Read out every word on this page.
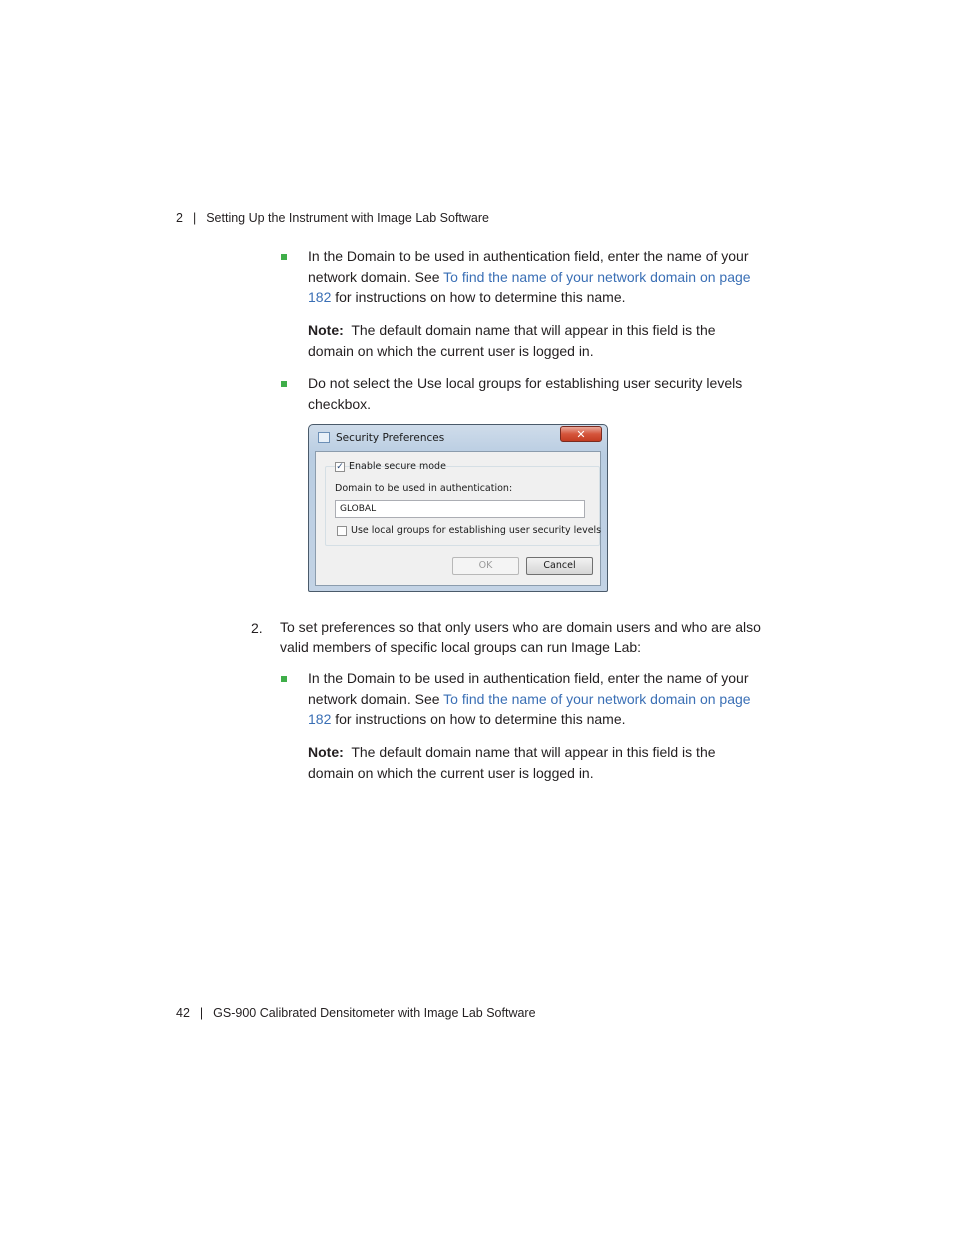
2 | Setting Up the Instrument with Image Lab Software
In the Domain to be used in authentication field, enter the name of your network domain. See To find the name of your network domain on page 182 for instructions on how to determine this name.
Note: The default domain name that will appear in this field is the domain on which the current user is logged in.
Do not select the Use local groups for establishing user security levels checkbox.
Security Preferences	✕
✓ Enable secure mode
Domain to be used in authentication:
GLOBAL
Use local groups for establishing user security levels
OK	Cancel
2. To set preferences so that only users who are domain users and who are also valid members of specific local groups can run Image Lab:
In the Domain to be used in authentication field, enter the name of your network domain. See To find the name of your network domain on page 182 for instructions on how to determine this name.
Note: The default domain name that will appear in this field is the domain on which the current user is logged in.
42 | GS-900 Calibrated Densitometer with Image Lab Software
